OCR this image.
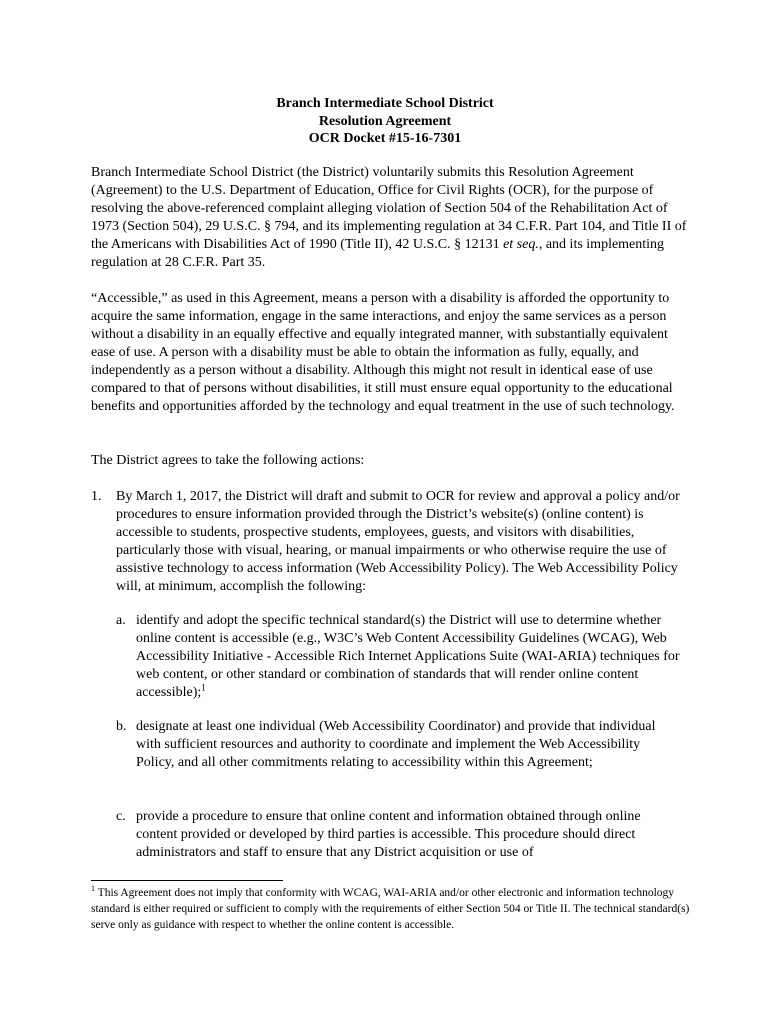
Branch Intermediate School District
Resolution Agreement
OCR Docket #15-16-7301

Branch Intermediate School District (the District) voluntarily submits this Resolution Agreement (Agreement) to the U.S. Department of Education, Office for Civil Rights (OCR), for the purpose of resolving the above-referenced complaint alleging violation of Section 504 of the Rehabilitation Act of 1973 (Section 504), 29 U.S.C. § 794, and its implementing regulation at 34 C.F.R. Part 104, and Title II of the Americans with Disabilities Act of 1990 (Title II), 42 U.S.C. § 12131 et seq., and its implementing regulation at 28 C.F.R. Part 35.

“Accessible,” as used in this Agreement, means a person with a disability is afforded the opportunity to acquire the same information, engage in the same interactions, and enjoy the same services as a person without a disability in an equally effective and equally integrated manner, with substantially equivalent ease of use. A person with a disability must be able to obtain the information as fully, equally, and independently as a person without a disability. Although this might not result in identical ease of use compared to that of persons without disabilities, it still must ensure equal opportunity to the educational benefits and opportunities afforded by the technology and equal treatment in the use of such technology.

The District agrees to take the following actions:

1. By March 1, 2017, the District will draft and submit to OCR for review and approval a policy and/or procedures to ensure information provided through the District’s website(s) (online content) is accessible to students, prospective students, employees, guests, and visitors with disabilities, particularly those with visual, hearing, or manual impairments or who otherwise require the use of assistive technology to access information (Web Accessibility Policy). The Web Accessibility Policy will, at minimum, accomplish the following:
a. identify and adopt the specific technical standard(s) the District will use to determine whether online content is accessible (e.g., W3C’s Web Content Accessibility Guidelines (WCAG), Web Accessibility Initiative - Accessible Rich Internet Applications Suite (WAI-ARIA) techniques for web content, or other standard or combination of standards that will render online content accessible);$^1$
b. designate at least one individual (Web Accessibility Coordinator) and provide that individual with sufficient resources and authority to coordinate and implement the Web Accessibility Policy, and all other commitments relating to accessibility within this Agreement;
c. provide a procedure to ensure that online content and information obtained through online content provided or developed by third parties is accessible. This procedure should direct administrators and staff to ensure that any District acquisition or use of
$^1$ This Agreement does not imply that conformity with WCAG, WAI-ARIA and/or other electronic and information technology standard is either required or sufficient to comply with the requirements of either Section 504 or Title II. The technical standard(s) serve only as guidance with respect to whether the online content is accessible.
